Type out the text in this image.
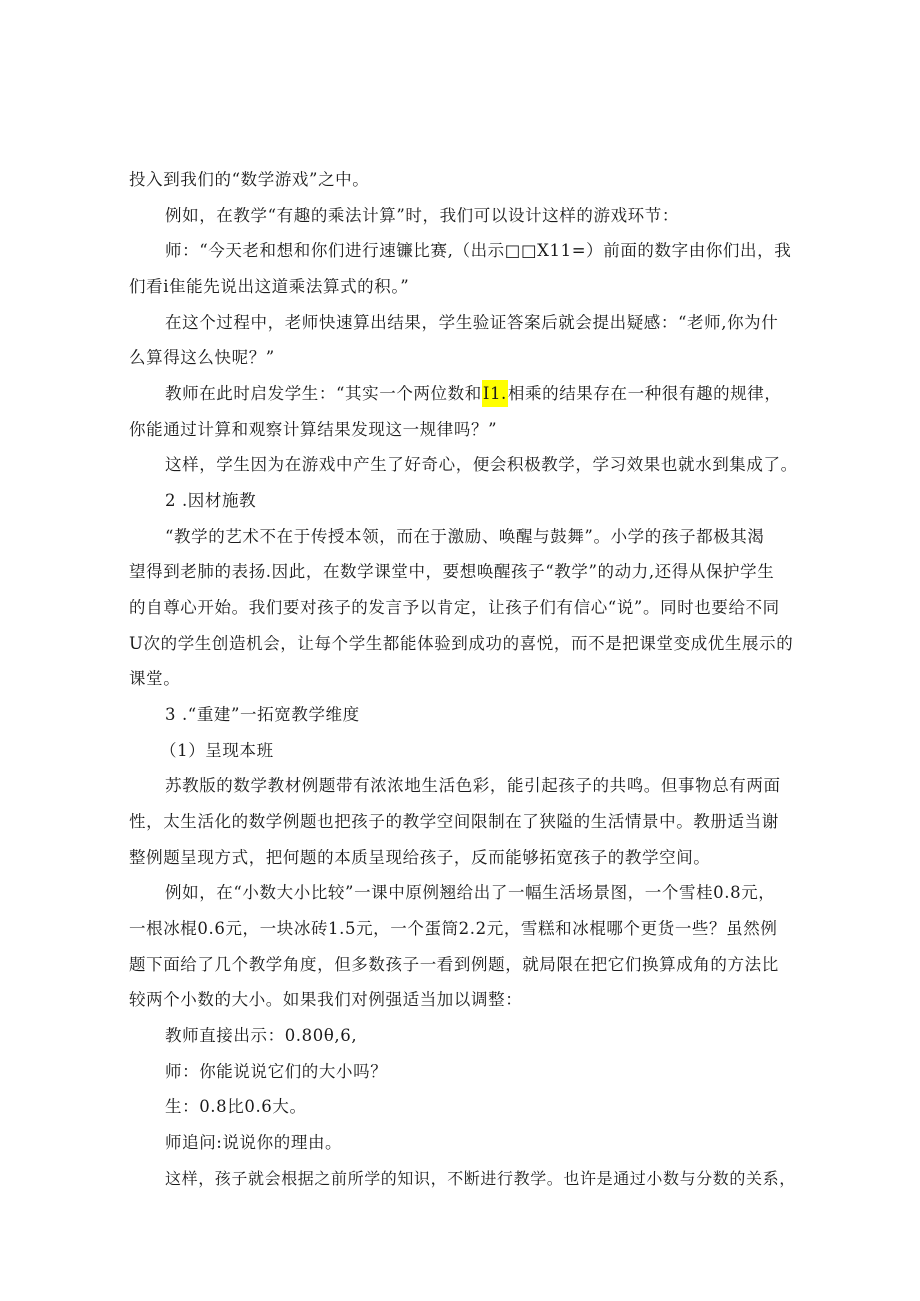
投入到我们的“数学游戏”之中。
例如，在教学“有趣的乘法计算”时，我们可以设计这样的游戏环节：
师：“今天老和想和你们进行速镰比赛,（出示□□X11=）前面的数字由你们出，我
们看i隹能先说出这道乘法算式的积。”
在这个过程中，老师快速算出结果，学生验证答案后就会提出疑感：“老师,你为什
么算得这么快呢？”
教师在此时启发学生：“其实一个两位数和I1.相乘的结果存在一种很有趣的规律，
你能通过计算和观察计算结果发现这一规律吗？”
这样，学生因为在游戏中产生了好奇心，便会积极教学，学习效果也就水到集成了。
2 .因材施教
“教学的艺术不在于传授本领，而在于激励、唤醒与鼓舞”。小学的孩子都极其渴
望得到老肺的表扬.因此，在数学课堂中，要想唤醒孩子“教学”的动力,还得从保护学生
的自尊心开始。我们要对孩子的发言予以肯定，让孩子们有信心“说”。同时也要给不同
U次的学生创造机会，让每个学生都能体验到成功的喜悦，而不是把课堂变成优生展示的
课堂。
3 .“重建”一拓宽教学维度
（1）呈现本班
苏教版的数学教材例题带有浓浓地生活色彩，能引起孩子的共鸣。但事物总有两面
性，太生活化的数学例题也把孩子的教学空间限制在了狭隘的生活情景中。教册适当谢
整例题呈现方式，把何题的本质呈现给孩子，反而能够拓宽孩子的教学空间。
例如，在“小数大小比较”一课中原例翘给出了一幅生活场景图，一个雪桂0.8元，
一根冰棍0.6元，一块冰砖1.5元，一个蛋筒2.2元，雪糕和冰棍哪个更货一些？虽然例
题下面给了几个教学角度，但多数孩子一看到例题，就局限在把它们换算成角的方法比
较两个小数的大小。如果我们对例强适当加以调整：
教师直接出示：0.80θ,6,
师：你能说说它们的大小吗？
生：0.8比0.6大。
师追问:说说你的理由。
这样，孩子就会根据之前所学的知识，不断进行教学。也许是通过小数与分数的关系，
